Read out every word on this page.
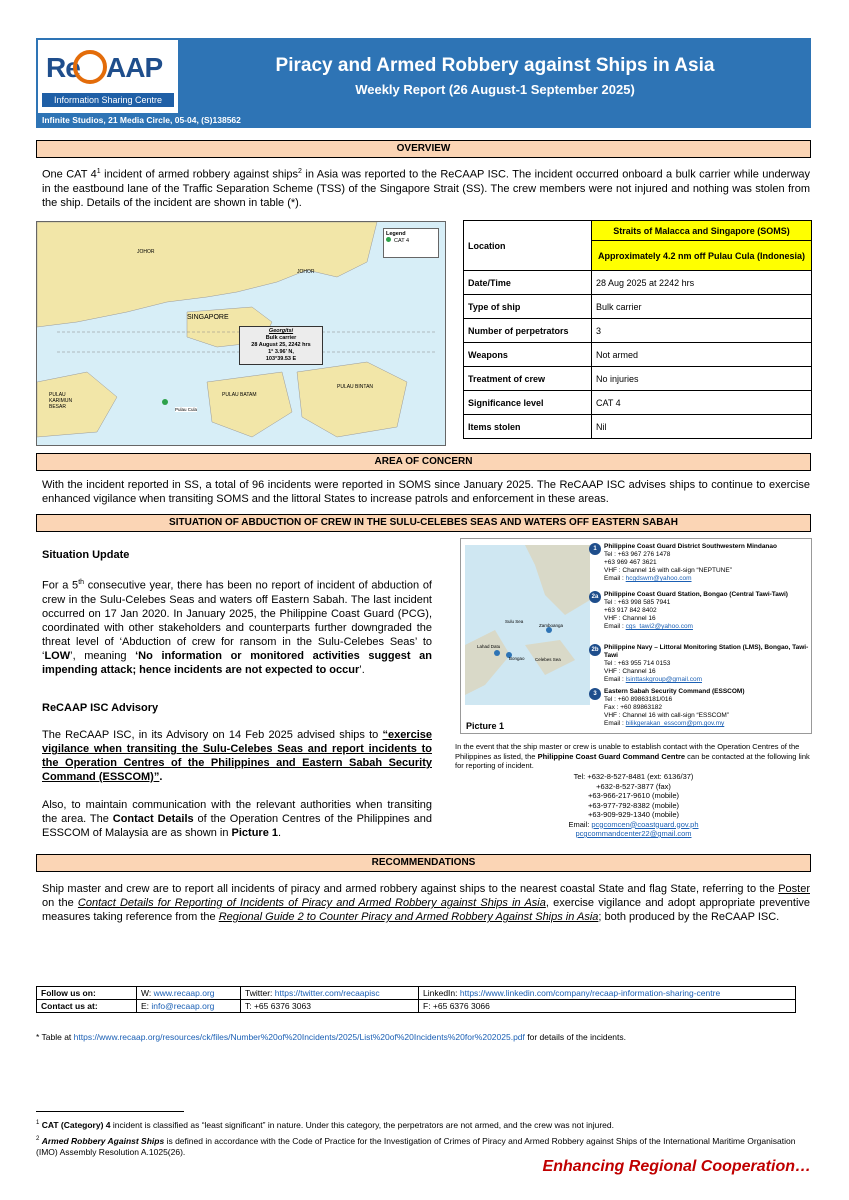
Re AAP
Information Sharing Centre
Piracy and Armed Robbery against Ships in Asia
Weekly Report (26 August-1 September 2025)
Infinite Studios, 21 Media Circle, 05-04, (S)138562
OVERVIEW
One CAT $4^1$ incident of armed robbery against ships$^2$ in Asia was reported to the ReCAAP ISC. The incident occurred onboard a bulk carrier while underway in the eastbound lane of the Traffic Separation Scheme (TSS) of the Singapore Strait (SS). The crew members were not injured and nothing was stolen from the ship. Details of the incident are shown in table (*).
Legend
CAT 4
JOHOR
JOHOR
SINGAPORE
PULAU BATAM
PULAU BINTAN
PULAU KARIMUN BESAR	Pulau Cula
Georgitsi
Bulk carrier
28 August 25, 2242 hrs
1° 3.96' N,
103°39.53 E
Location	Straits of Malacca and Singapore (SOMS)
	Approximately 4.2 nm off Pulau Cula (Indonesia)
Date/Time	28 Aug 2025 at 2242 hrs
Type of ship	Bulk carrier
Number of perpetrators	3
Weapons	Not armed
Treatment of crew	No injuries
Significance level	CAT 4
Items stolen	Nil
AREA OF CONCERN
With the incident reported in SS, a total of 96 incidents were reported in SOMS since January 2025. The ReCAAP ISC advises ships to continue to exercise enhanced vigilance when transiting SOMS and the littoral States to increase patrols and enforcement in these areas.
SITUATION OF ABDUCTION OF CREW IN THE SULU-CELEBES SEAS AND WATERS OFF EASTERN SABAH
Situation Update
For a 5th consecutive year, there has been no report of incident of abduction of crew in the Sulu-Celebes Seas and waters off Eastern Sabah. The last incident occurred on 17 Jan 2020. In January 2025, the Philippine Coast Guard (PCG), coordinated with other stakeholders and counterparts further downgraded the threat level of ‘Abduction of crew for ransom in the Sulu-Celebes Seas’ to ‘LOW’, meaning ‘No information or monitored activities suggest an impending attack; hence incidents are not expected to occur’.
ReCAAP ISC Advisory
The ReCAAP ISC, in its Advisory on 14 Feb 2025 advised ships to “exercise vigilance when transiting the Sulu-Celebes Seas and report incidents to the Operation Centres of the Philippines and Eastern Sabah Security Command (ESSCOM)”.
Also, to maintain communication with the relevant authorities when transiting the area. The Contact Details of the Operation Centres of the Philippines and ESSCOM of Malaysia are as shown in Picture 1.
Sulu Sea
Zamboanga
Lahad Datu
Bongao Celebes Sea
Picture 1
1	Philippine Coast Guard District Southwestern Mindanao
Tel : +63 967 276 1478
+63 969 467 3621
VHF : Channel 16 with call-sign “NEPTUNE”
Email : hcgdswm@yahoo.com
2a Philippine Coast Guard Station, Bongao (Central Tawi-Tawi)
Tel : +63 998 585 7941
+63 917 842 8402
VHF : Channel 16
Email : cgs_tawi2@yahoo.com
2b Philippine Navy – Littoral Monitoring Station (LMS), Bongao, Tawi-Tawi
Tel : +63 955 714 0153
VHF : Channel 16
Email : lsinttaskgroup@gmail.com
3	Eastern Sabah Security Command (ESSCOM)
Tel : +60 89863181/016
Fax : +60 89863182
VHF : Channel 16 with call-sign “ESSCOM”
Email : bilikgerakan_esscom@pm.gov.my
In the event that the ship master or crew is unable to establish contact with the Operation Centres of the Philippines as listed, the Philippine Coast Guard Command Centre can be contacted at the following link for reporting of incident.
Tel: +632-8-527-8481 (ext: 6136/37)
+632-8-527-3877 (fax)
+63-966-217-9610 (mobile)
+63-977-792-8382 (mobile)
+63-909-929-1340 (mobile)
Email: pcgcomcen@coastguard.gov.ph
pcgcommandcenter22@gmail.com
RECOMMENDATIONS
Ship master and crew are to report all incidents of piracy and armed robbery against ships to the nearest coastal State and flag State, referring to the Poster on the Contact Details for Reporting of Incidents of Piracy and Armed Robbery against Ships in Asia, exercise vigilance and adopt appropriate preventive measures taking reference from the Regional Guide 2 to Counter Piracy and Armed Robbery Against Ships in Asia; both produced by the ReCAAP ISC.
Follow us on:	W: www.recaap.org	Twitter: https://twitter.com/recaapisc	LinkedIn: https://www.linkedin.com/company/recaap-information-sharing-centre
Contact us at:	E: info@recaap.org	T: +65 6376 3063	F: +65 6376 3066
* Table at https://www.recaap.org/resources/ck/files/Number%20of%20Incidents/2025/List%20of%20Incidents%20for%202025.pdf for details of the incidents.
$^1$ CAT (Category) 4 incident is classified as “least significant” in nature. Under this category, the perpetrators are not armed, and the crew was not injured.
$^2$ Armed Robbery Against Ships is defined in accordance with the Code of Practice for the Investigation of Crimes of Piracy and Armed Robbery against Ships of the International Maritime Organisation (IMO) Assembly Resolution A.1025(26).
Enhancing Regional Cooperation…
